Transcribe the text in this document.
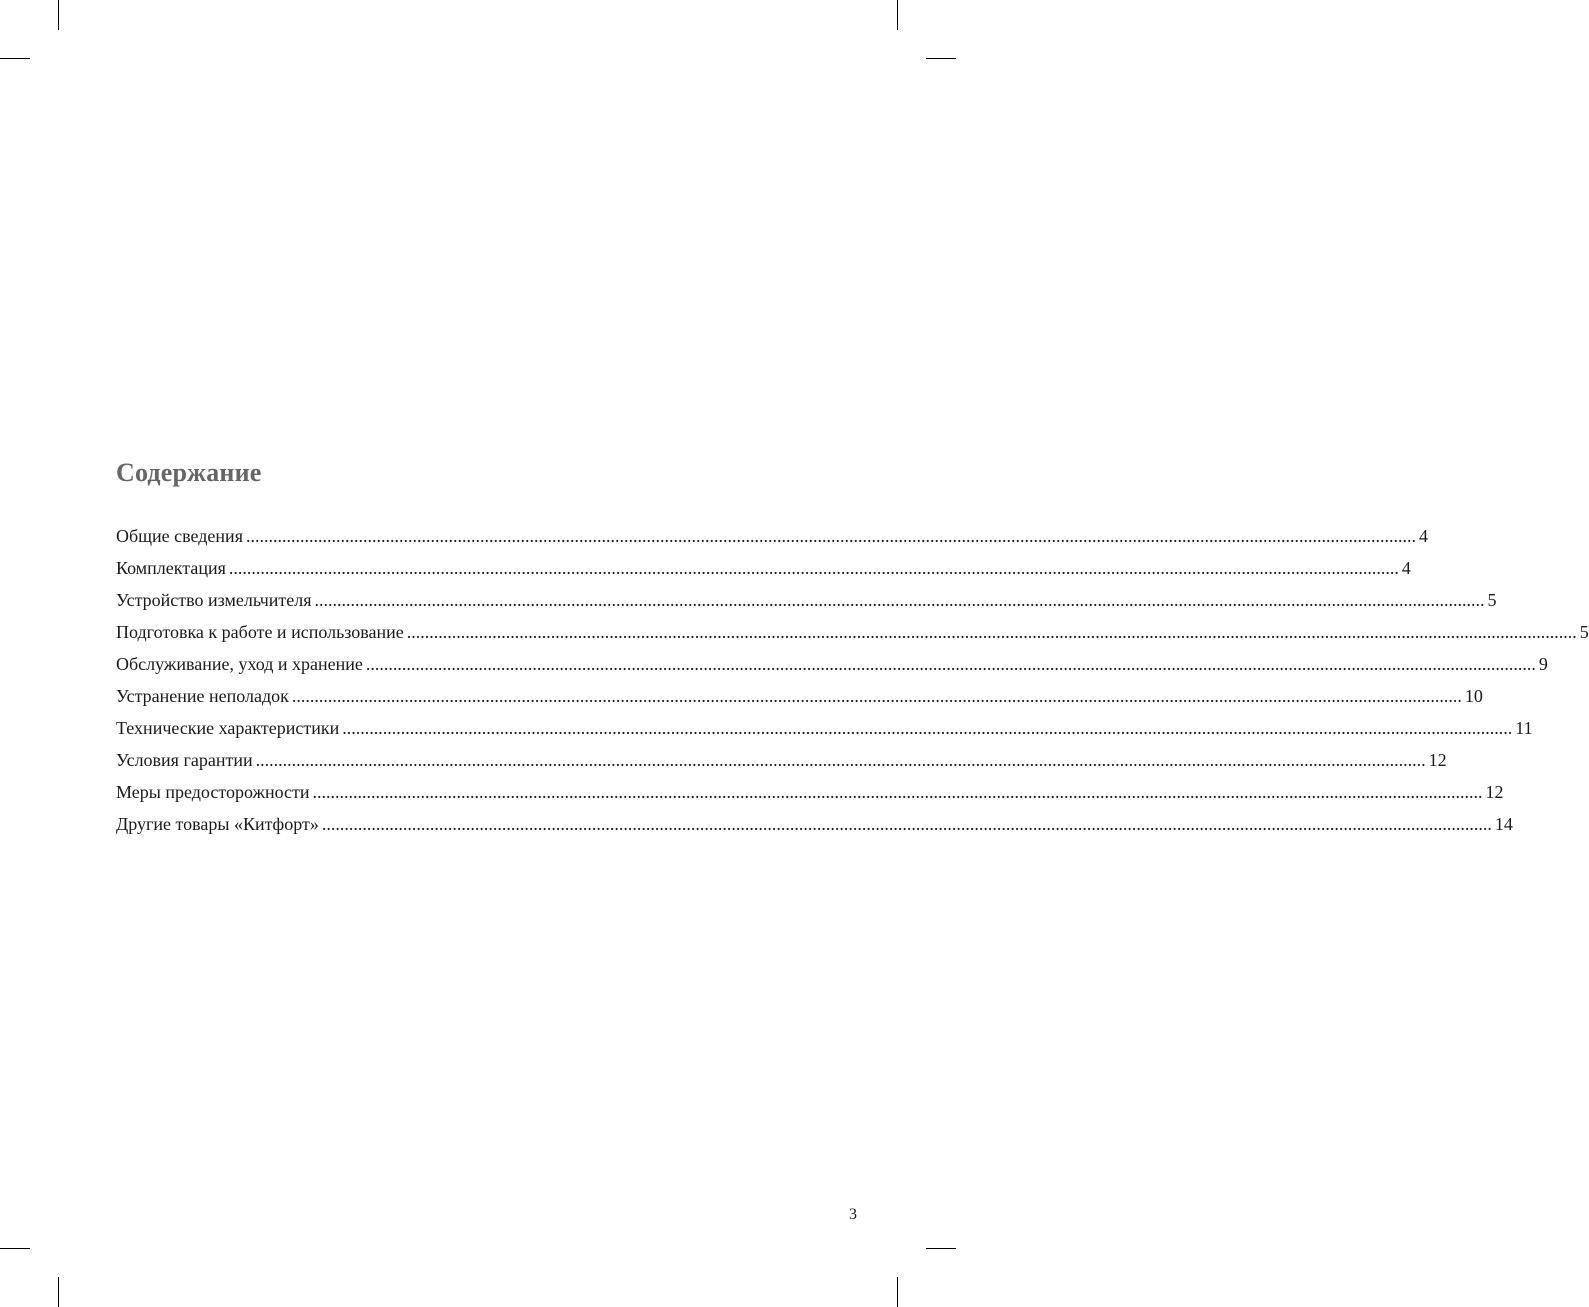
Содержание
Общие сведения .................................................................................................................................................................................................................................................................... 4
Комплектация .................................................................................................................................................................................................................................................................... 4
Устройство измельчителя .................................................................................................................................................................................................................................................................... 5
Подготовка к работе и использование .................................................................................................................................................................................................................................................................... 5
Обслуживание, уход и хранение .................................................................................................................................................................................................................................................................... 9
Устранение неполадок .................................................................................................................................................................................................................................................................... 10
Технические характеристики .................................................................................................................................................................................................................................................................... 11
Условия гарантии .................................................................................................................................................................................................................................................................... 12
Меры предосторожности .................................................................................................................................................................................................................................................................... 12
Другие товары «Китфорт» .................................................................................................................................................................................................................................................................... 14
3
